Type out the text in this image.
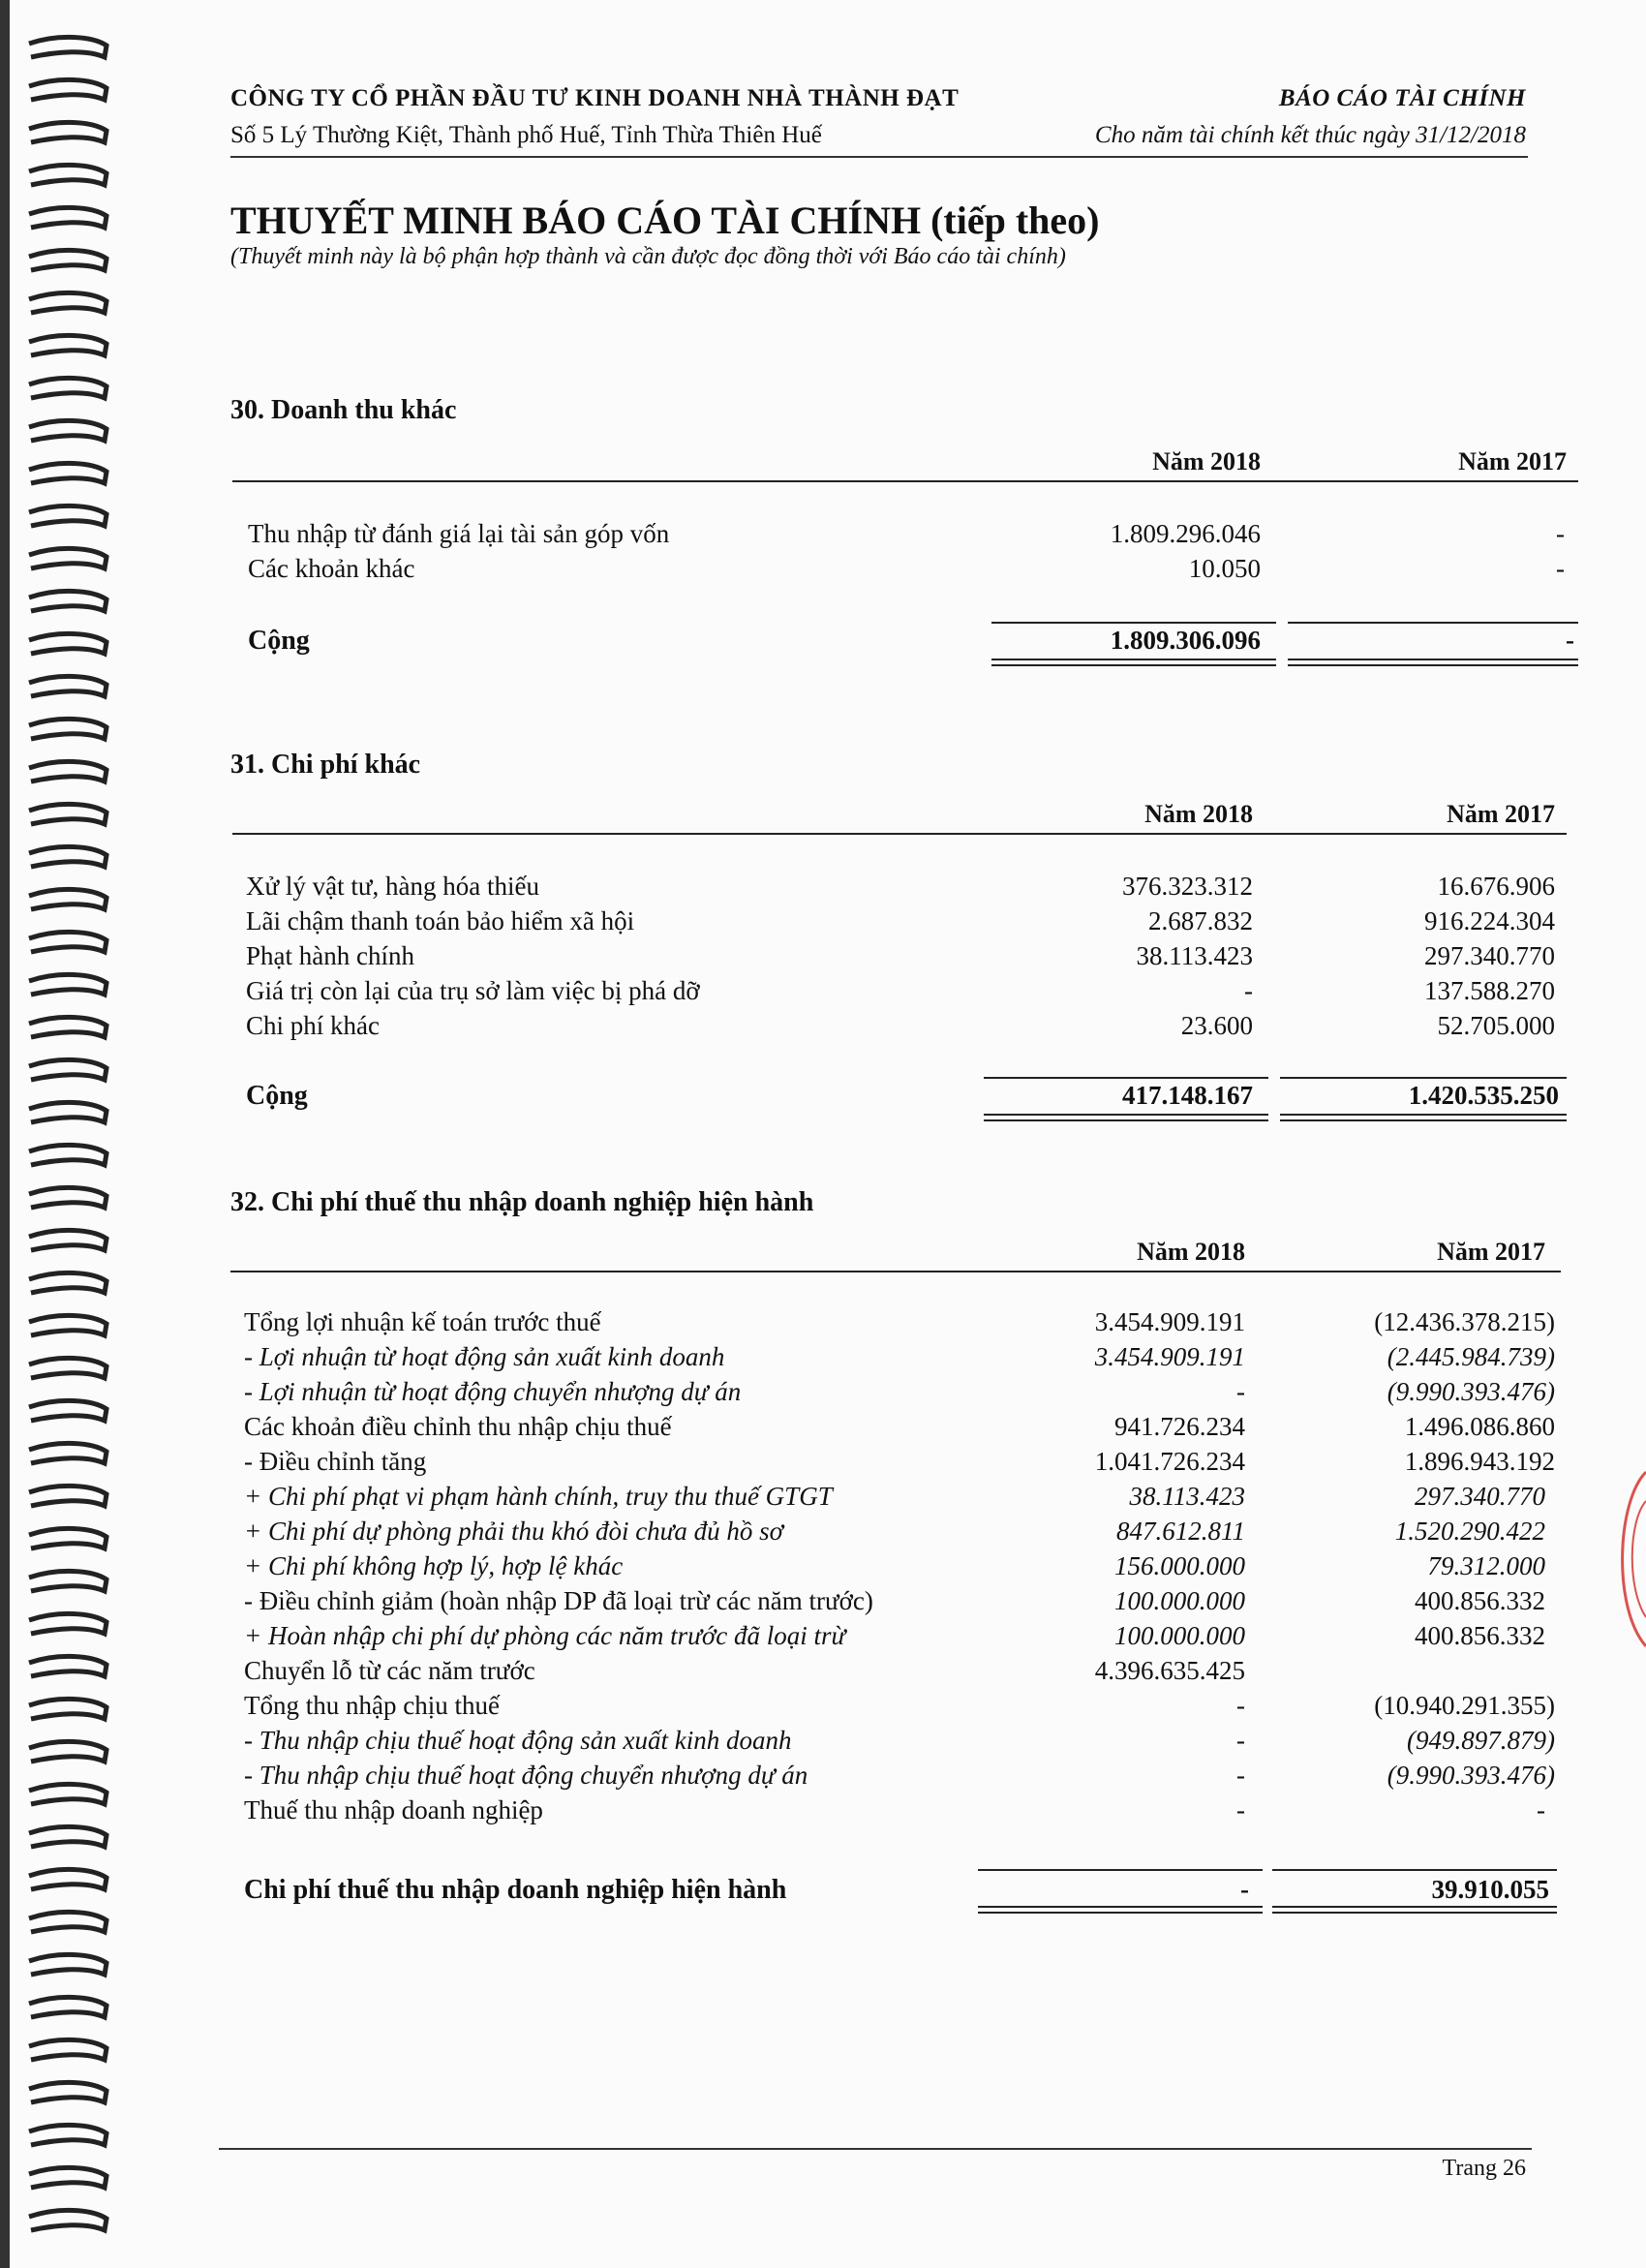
CÔNG TY CỔ PHẦN ĐẦU TƯ KINH DOANH NHÀ THÀNH ĐẠT
Số 5 Lý Thường Kiệt, Thành phố Huế, Tỉnh Thừa Thiên Huế
BÁO CÁO TÀI CHÍNH
Cho năm tài chính kết thúc ngày 31/12/2018
THUYẾT MINH BÁO CÁO TÀI CHÍNH (tiếp theo)
(Thuyết minh này là bộ phận hợp thành và cần được đọc đồng thời với Báo cáo tài chính)
30. Doanh thu khác
Năm 2018	Năm 2017
Thu nhập từ đánh giá lại tài sản góp vốn	1.809.296.046	-
Các khoản khác	10.050	-
Cộng	1.809.306.096	-
31. Chi phí khác
Năm 2018	Năm 2017
Xử lý vật tư, hàng hóa thiếu	376.323.312	16.676.906
Lãi chậm thanh toán bảo hiểm xã hội	2.687.832	916.224.304
Phạt hành chính	38.113.423	297.340.770
Giá trị còn lại của trụ sở làm việc bị phá dỡ	-	137.588.270
Chi phí khác	23.600	52.705.000
Cộng	417.148.167	1.420.535.250
32. Chi phí thuế thu nhập doanh nghiệp hiện hành
Năm 2018	Năm 2017
Tổng lợi nhuận kế toán trước thuế	3.454.909.191	(12.436.378.215)
- Lợi nhuận từ hoạt động sản xuất kinh doanh	3.454.909.191	(2.445.984.739)
- Lợi nhuận từ hoạt động chuyển nhượng dự án	-	(9.990.393.476)
Các khoản điều chỉnh thu nhập chịu thuế	941.726.234	1.496.086.860
- Điều chỉnh tăng	1.041.726.234	1.896.943.192
+ Chi phí phạt vi phạm hành chính, truy thu thuế GTGT	38.113.423	297.340.770
+ Chi phí dự phòng phải thu khó đòi chưa đủ hồ sơ	847.612.811	1.520.290.422
+ Chi phí không hợp lý, hợp lệ khác	156.000.000	79.312.000
- Điều chỉnh giảm (hoàn nhập DP đã loại trừ các năm trước)	100.000.000	400.856.332
+ Hoàn nhập chi phí dự phòng các năm trước đã loại trừ	100.000.000	400.856.332
Chuyển lỗ từ các năm trước	4.396.635.425
Tổng thu nhập chịu thuế	-	(10.940.291.355)
- Thu nhập chịu thuế hoạt động sản xuất kinh doanh	-	(949.897.879)
- Thu nhập chịu thuế hoạt động chuyển nhượng dự án	-	(9.990.393.476)
Thuế thu nhập doanh nghiệp	-	-
Chi phí thuế thu nhập doanh nghiệp hiện hành	-	39.910.055
Trang 26
